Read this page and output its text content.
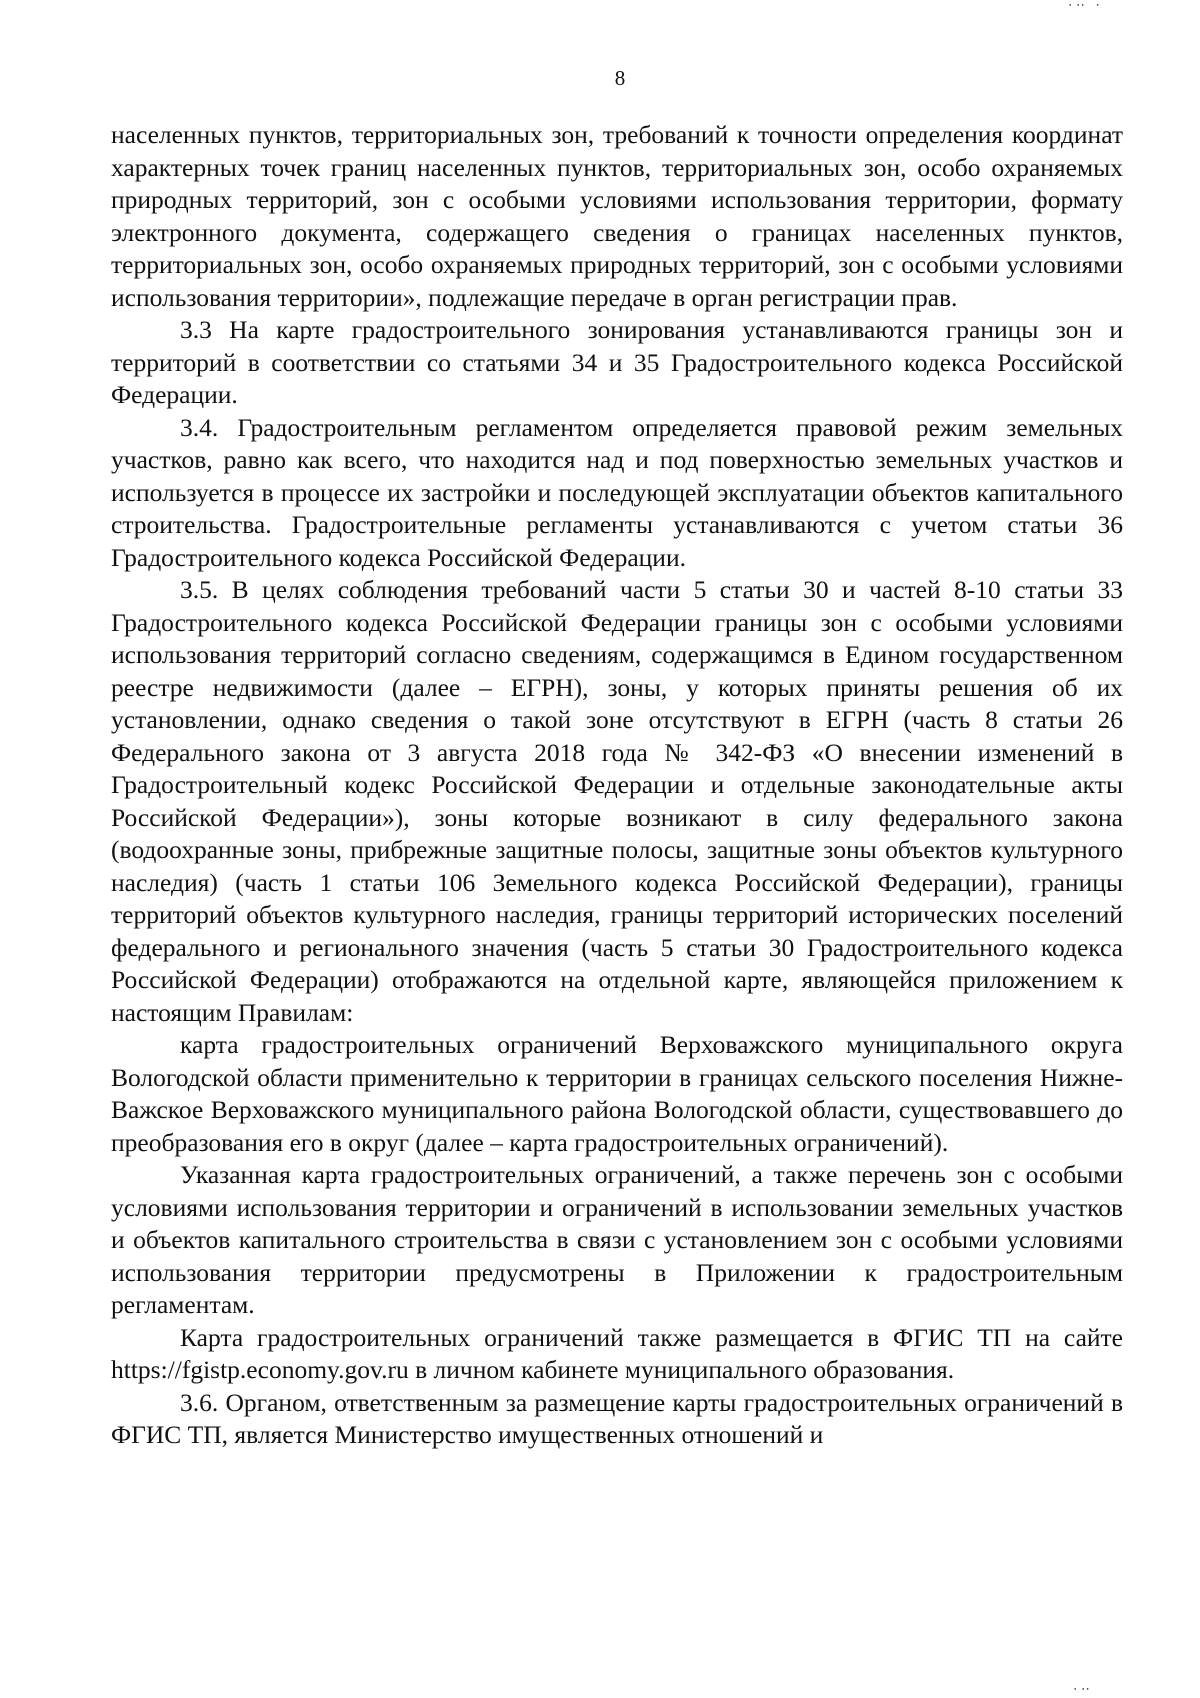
8

населенных пунктов, территориальных зон, требований к точности определения координат характерных точек границ населенных пунктов, территориальных зон, особо охраняемых природных территорий, зон с особыми условиями использования территории, формату электронного документа, содержащего сведения о границах населенных пунктов, территориальных зон, особо охраняемых природных территорий, зон с особыми условиями использования территории», подлежащие передаче в орган регистрации прав.

3.3 На карте градостроительного зонирования устанавливаются границы зон и территорий в соответствии со статьями 34 и 35 Градостроительного кодекса Российской Федерации.

3.4. Градостроительным регламентом определяется правовой режим земельных участков, равно как всего, что находится над и под поверхностью земельных участков и используется в процессе их застройки и последующей эксплуатации объектов капитального строительства. Градостроительные регламенты устанавливаются с учетом статьи 36 Градостроительного кодекса Российской Федерации.

3.5. В целях соблюдения требований части 5 статьи 30 и частей 8-10 статьи 33 Градостроительного кодекса Российской Федерации границы зон с особыми условиями использования территорий согласно сведениям, содержащимся в Едином государственном реестре недвижимости (далее – ЕГРН), зоны, у которых приняты решения об их установлении, однако сведения о такой зоне отсутствуют в ЕГРН (часть 8 статьи 26 Федерального закона от 3 августа 2018 года № 342-ФЗ «О внесении изменений в Градостроительный кодекс Российской Федерации и отдельные законодательные акты Российской Федерации»), зоны которые возникают в силу федерального закона (водоохранные зоны, прибрежные защитные полосы, защитные зоны объектов культурного наследия) (часть 1 статьи 106 Земельного кодекса Российской Федерации), границы территорий объектов культурного наследия, границы территорий исторических поселений федерального и регионального значения (часть 5 статьи 30 Градостроительного кодекса Российской Федерации) отображаются на отдельной карте, являющейся приложением к настоящим Правилам:

карта градостроительных ограничений Верховажского муниципального округа Вологодской области применительно к территории в границах сельского поселения Нижне-Важское Верховажского муниципального района Вологодской области, существовавшего до преобразования его в округ (далее – карта градостроительных ограничений).

Указанная карта градостроительных ограничений, а также перечень зон с особыми условиями использования территории и ограничений в использовании земельных участков и объектов капитального строительства в связи с установлением зон с особыми условиями использования территории предусмотрены в Приложении к градостроительным регламентам.

Карта градостроительных ограничений также размещается в ФГИС ТП на сайте https://fgistp.economy.gov.ru в личном кабинете муниципального образования.

3.6. Органом, ответственным за размещение карты градостроительных ограничений в ФГИС ТП, является Министерство имущественных отношений и

‧ ‧‧   ‧
‧ ‧‧
